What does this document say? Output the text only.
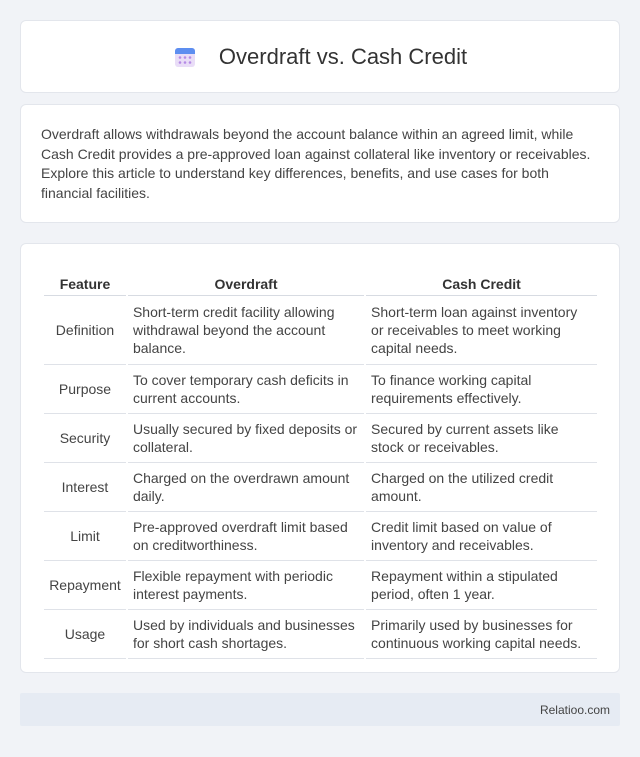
Overdraft vs. Cash Credit

Overdraft allows withdrawals beyond the account balance within an agreed limit, while Cash Credit provides a pre-approved loan against collateral like inventory or receivables. Explore this article to understand key differences, benefits, and use cases for both financial facilities.

Feature	Overdraft	Cash Credit
Definition	Short-term credit facility allowing withdrawal beyond the account balance.	Short-term loan against inventory or receivables to meet working capital needs.
Purpose	To cover temporary cash deficits in current accounts.	To finance working capital requirements effectively.
Security	Usually secured by fixed deposits or collateral.	Secured by current assets like stock or receivables.
Interest	Charged on the overdrawn amount daily.	Charged on the utilized credit amount.
Limit	Pre-approved overdraft limit based on creditworthiness.	Credit limit based on value of inventory and receivables.
Repayment	Flexible repayment with periodic interest payments.	Repayment within a stipulated period, often 1 year.
Usage	Used by individuals and businesses for short cash shortages.	Primarily used by businesses for continuous working capital needs.
Relatioo.com
